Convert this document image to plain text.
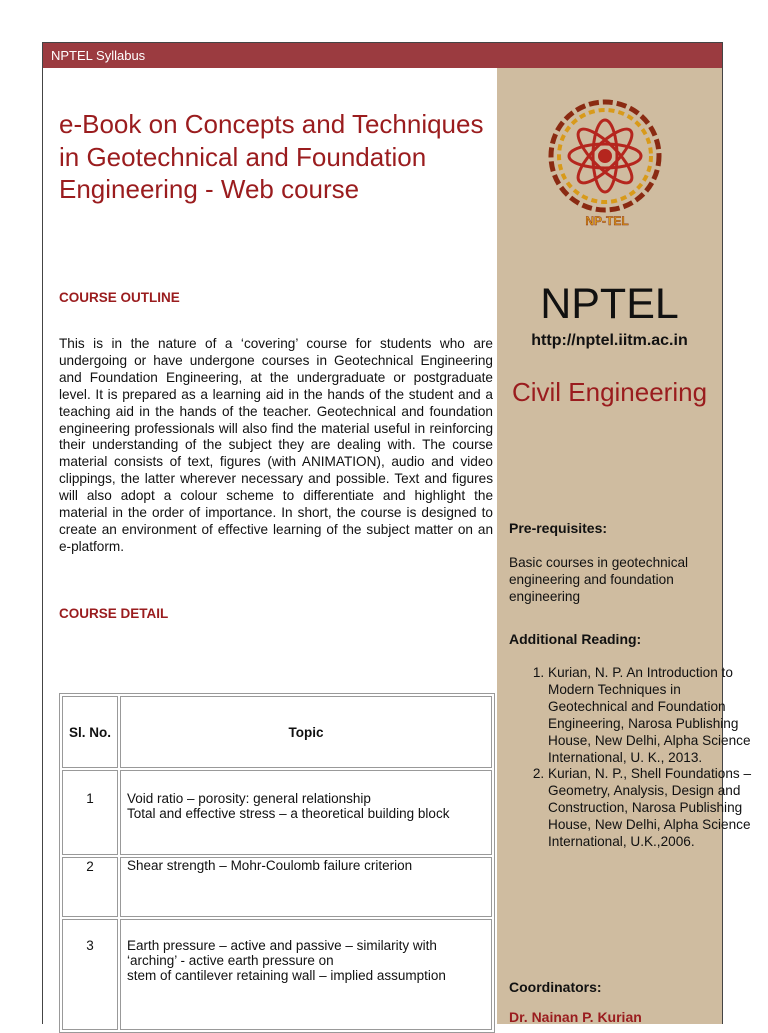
NPTEL Syllabus
e-Book on Concepts and Techniques in Geotechnical and Foundation Engineering - Web course
COURSE OUTLINE

This is in the nature of a ‘covering’ course for students who are undergoing or have undergone courses in Geotechnical Engineering and Foundation Engineering, at the undergraduate or postgraduate level. It is prepared as a learning aid in the hands of the student and a teaching aid in the hands of the teacher. Geotechnical and foundation engineering professionals will also find the material useful in reinforcing their understanding of the subject they are dealing with. The course material consists of text, figures (with ANIMATION), audio and video clippings, the latter wherever necessary and possible. Text and figures will also adopt a colour scheme to differentiate and highlight the material in the order of importance. In short, the course is designed to create an environment of effective learning of the subject matter on an e-platform.

COURSE DETAIL
Sl. No.	Topic
1	Void ratio – porosity: general relationship
Total and effective stress – a theoretical building block

2	Shear strength – Mohr-Coulomb failure criterion

3	Earth pressure – active and passive – similarity with ‘arching’ - active earth pressure on
stem of cantilever retaining wall – implied assumption
NP-TEL
NPTEL
http://nptel.iitm.ac.in
Civil Engineering
Pre-requisites:

Basic courses in geotechnical engineering and foundation engineering

Additional Reading:
1. Kurian, N. P. An Introduction to Modern Techniques in Geotechnical and Foundation Engineering, Narosa Publishing House, New Delhi, Alpha Science International, U. K., 2013.
2. Kurian, N. P., Shell Foundations –Geometry, Analysis, Design and Construction, Narosa Publishing House, New Delhi, Alpha Science International, U.K.,2006.
Coordinators:
Dr. Nainan P. Kurian
